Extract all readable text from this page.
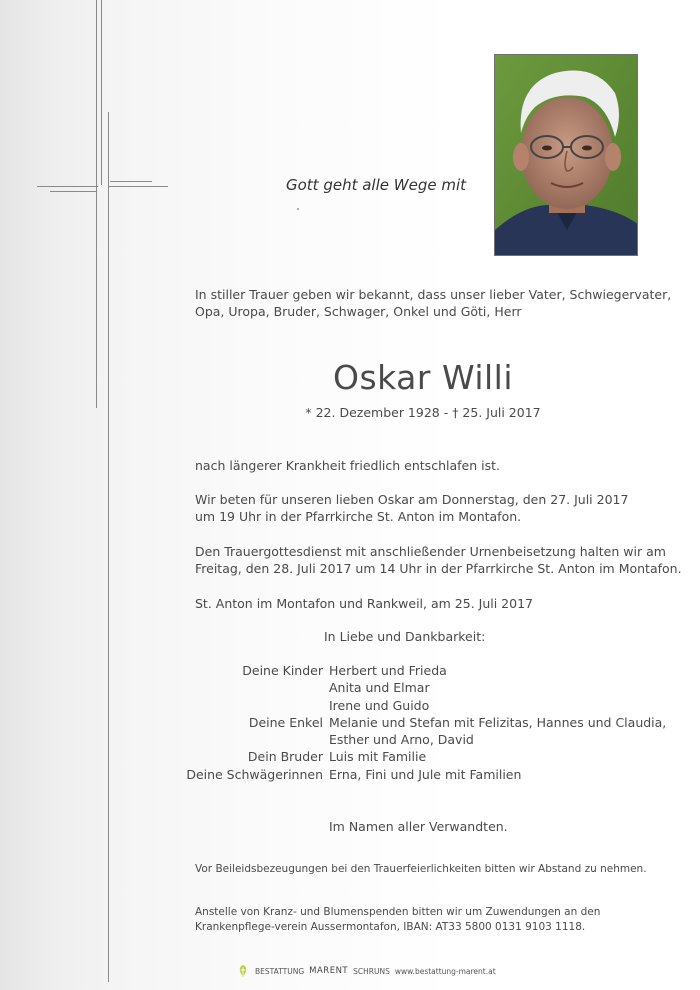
Gott geht alle Wege mit
In stiller Trauer geben wir bekannt, dass unser lieber Vater, Schwiegervater,
Opa, Uropa, Bruder, Schwager, Onkel und Göti, Herr
Oskar Willi
* 22. Dezember 1928 - † 25. Juli 2017
nach längerer Krankheit friedlich entschlafen ist.
Wir beten für unseren lieben Oskar am Donnerstag, den 27. Juli 2017
um 19 Uhr in der Pfarrkirche St. Anton im Montafon.
Den Trauergottesdienst mit anschließender Urnenbeisetzung halten wir am
Freitag, den 28. Juli 2017 um 14 Uhr in der Pfarrkirche St. Anton im Montafon.
St. Anton im Montafon und Rankweil, am 25. Juli 2017
In Liebe und Dankbarkeit:
Deine Kinder Herbert und Frieda
Anita und Elmar
Irene und Guido
Deine Enkel Melanie und Stefan mit Felizitas, Hannes und Claudia,
Esther und Arno, David
Dein Bruder Luis mit Familie
Deine Schwägerinnen Erna, Fini und Jule mit Familien
Im Namen aller Verwandten.
Vor Beileidsbezeugungen bei den Trauerfeierlichkeiten bitten wir Abstand zu nehmen.
Anstelle von Kranz- und Blumenspenden bitten wir um Zuwendungen an den
Krankenpflege-verein Aussermontafon, IBAN: AT33 5800 0131 9103 1118.
BESTATTUNG MARENT SCHRUNS www.bestattung-marent.at
